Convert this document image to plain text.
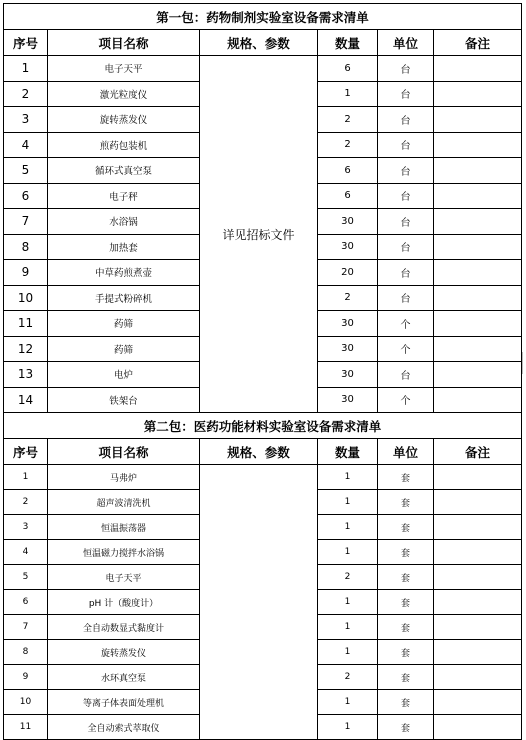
第一包：药物制剂实验室设备需求清单					
序号	项目名称	规格、参数	数量	单位	备注
1	电子天平	详见招标文件	6	台	
2	激光粒度仪		1	台	
3	旋转蒸发仪		2	台	
4	煎药包装机		2	台	
5	循环式真空泵		6	台	
6	电子秤		6	台	
7	水浴锅		30	台	
8	加热套		30	台	
9	中草药煎煮壶		20	台	
10	手提式粉碎机		2	台	
11	药筛		30	个	
12	药筛		30	个	
13	电炉		30	台	
14	铁架台		30	个	
第二包：医药功能材料实验室设备需求清单					
序号	项目名称	规格、参数	数量	单位	备注
1	马弗炉		1	套	
2	超声波清洗机		1	套	
3	恒温振荡器		1	套	
4	恒温磁力搅拌水浴锅		1	套	
5	电子天平		2	套	
6	pH 计（酸度计）		1	套	
7	全自动数显式黏度计		1	套	
8	旋转蒸发仪		1	套	
9	水环真空泵		2	套	
10	等离子体表面处理机		1	套	
11	全自动索式萃取仪		1	套	
